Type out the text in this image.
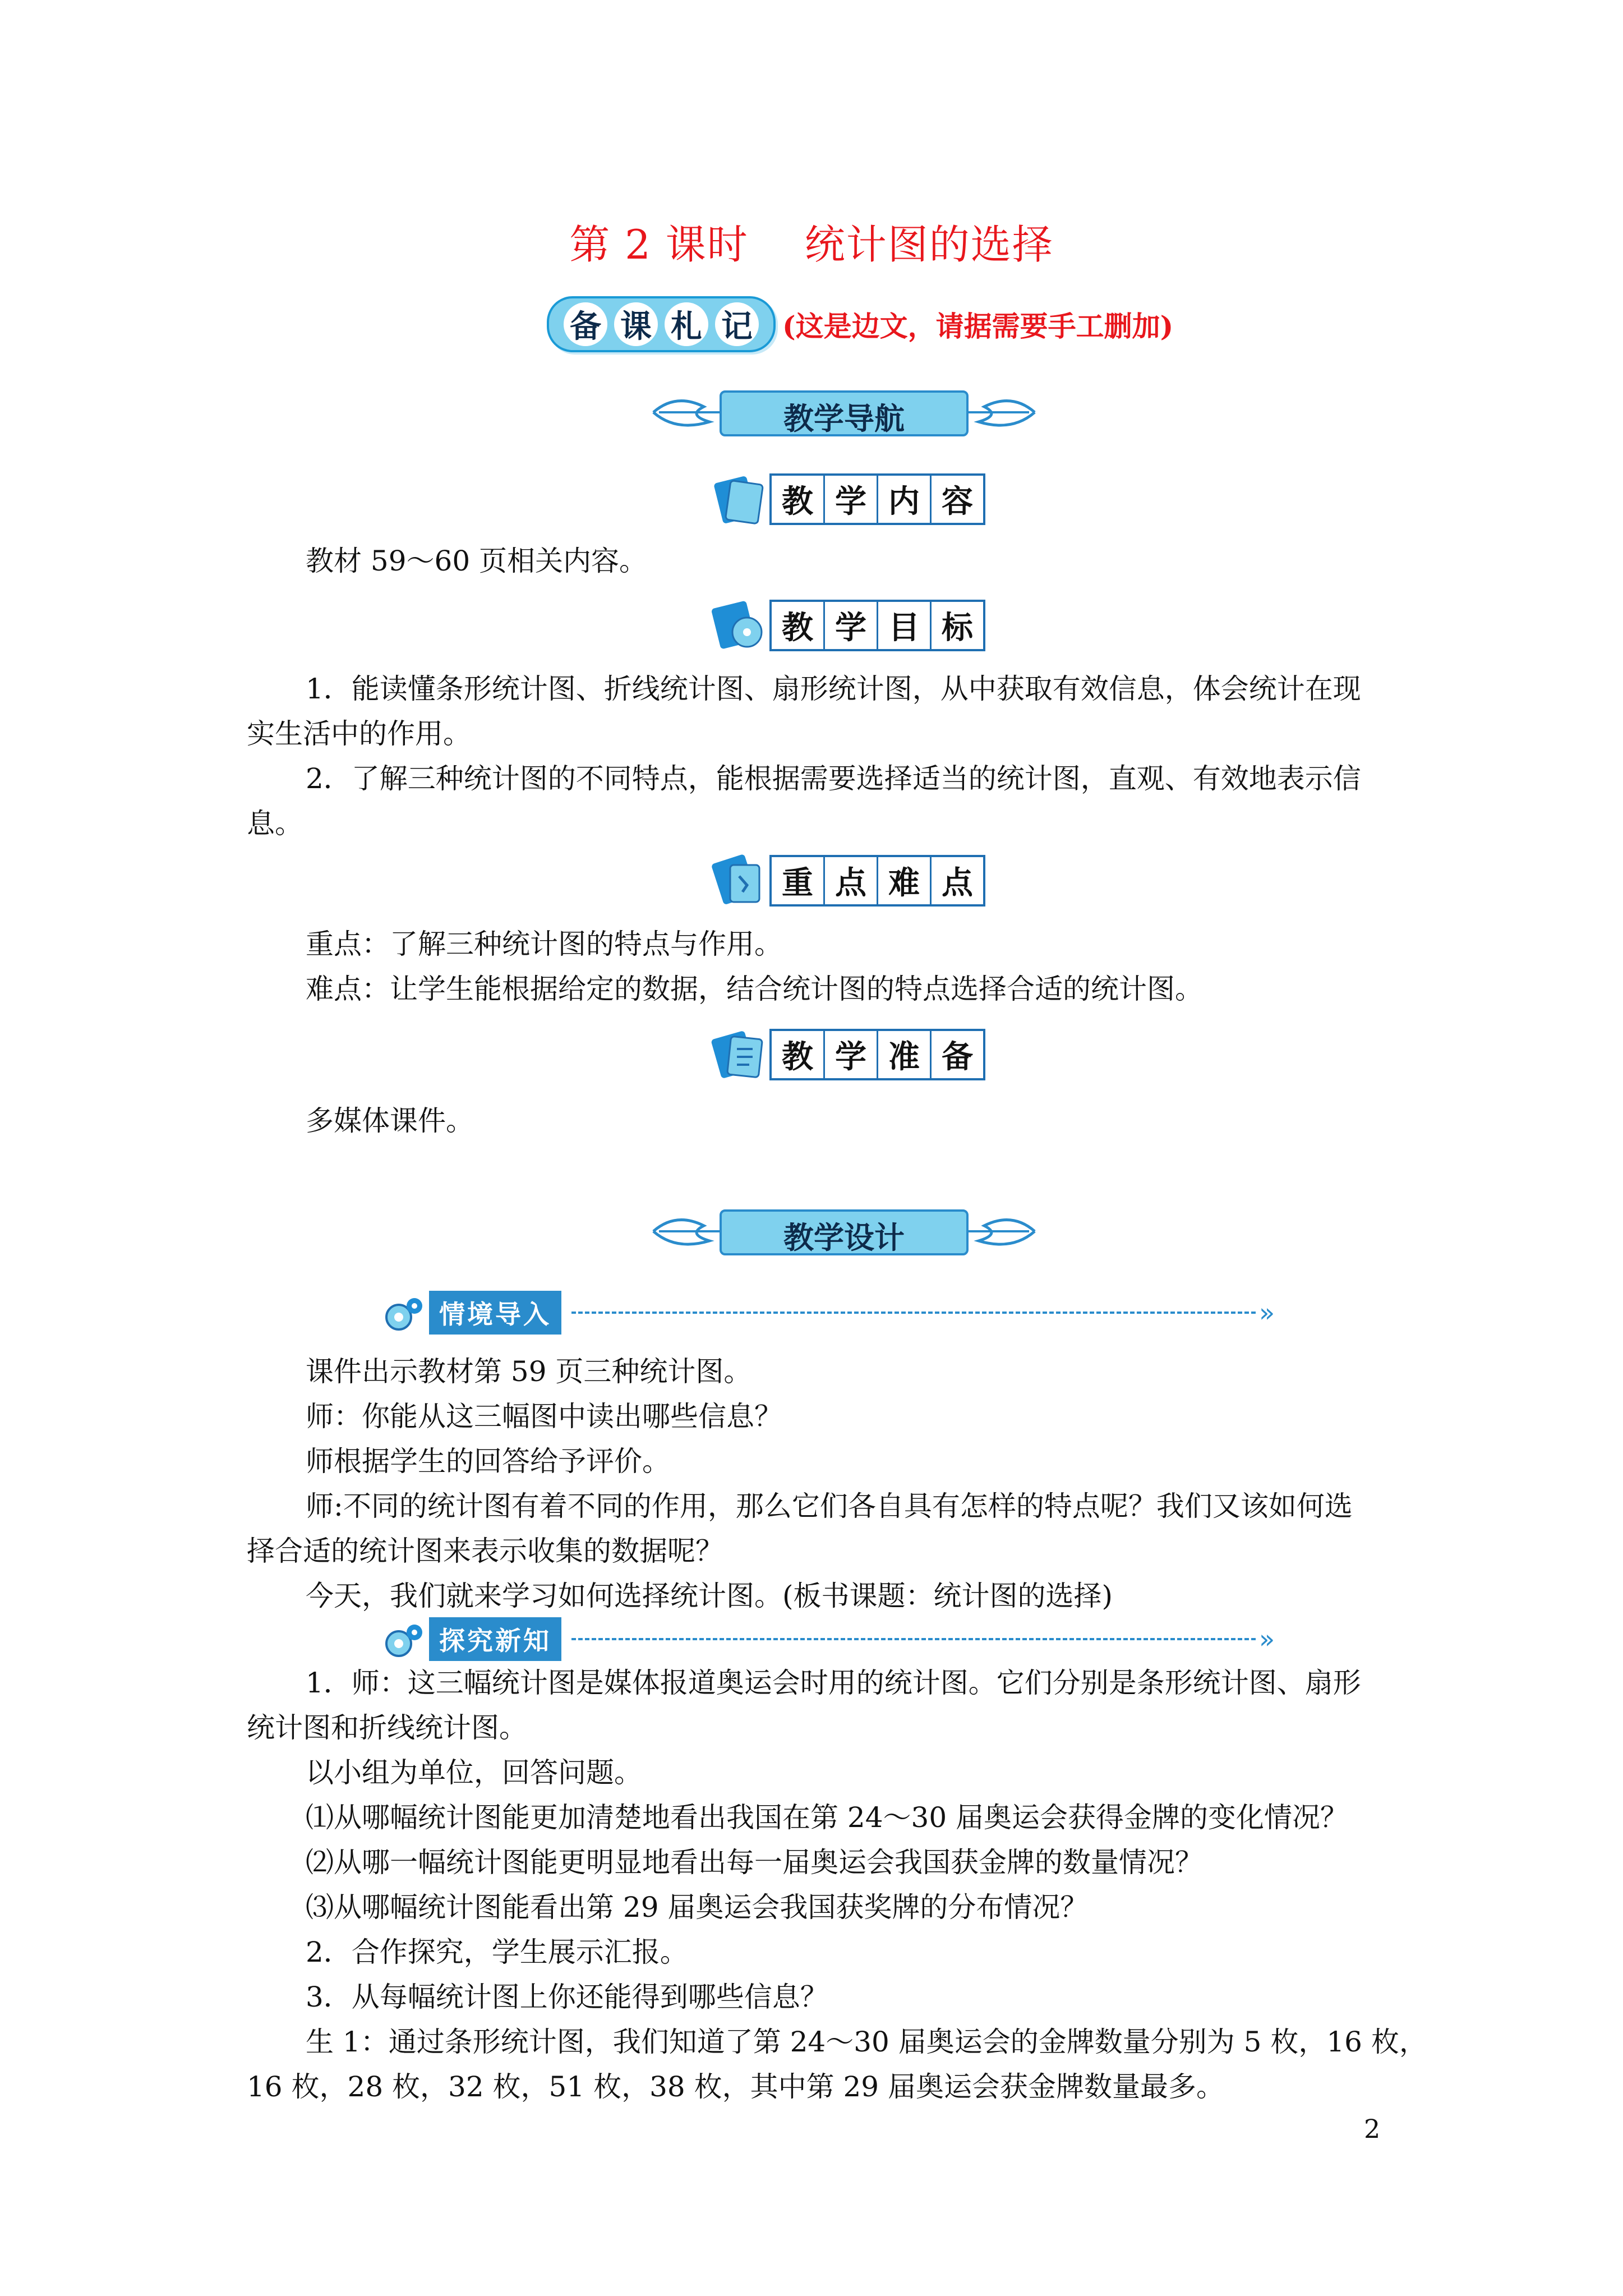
第 2 课时 统计图的选择
备 课 札 记 (这是边文，请据需要手工删加)
教学导航
教 学 内 容
教材 59～60 页相关内容。
教 学 目 标
1．能读懂条形统计图、折线统计图、扇形统计图，从中获取有效信息，体会统计在现
实生活中的作用。
2．了解三种统计图的不同特点，能根据需要选择适当的统计图，直观、有效地表示信
息。
重 点 难 点
重点：了解三种统计图的特点与作用。
难点：让学生能根据给定的数据，结合统计图的特点选择合适的统计图。
教 学 准 备
多媒体课件。
教学设计
情境导入	»
课件出示教材第 59 页三种统计图。
师：你能从这三幅图中读出哪些信息？
师根据学生的回答给予评价。
师:不同的统计图有着不同的作用，那么它们各自具有怎样的特点呢？我们又该如何选
择合适的统计图来表示收集的数据呢？
今天，我们就来学习如何选择统计图。(板书课题：统计图的选择)
探究新知	»
1．师：这三幅统计图是媒体报道奥运会时用的统计图。它们分别是条形统计图、扇形
统计图和折线统计图。
以小组为单位，回答问题。
⑴从哪幅统计图能更加清楚地看出我国在第 24～30 届奥运会获得金牌的变化情况？
⑵从哪一幅统计图能更明显地看出每一届奥运会我国获金牌的数量情况？
⑶从哪幅统计图能看出第 29 届奥运会我国获奖牌的分布情况？
2．合作探究，学生展示汇报。
3．从每幅统计图上你还能得到哪些信息？
生 1：通过条形统计图，我们知道了第 24～30 届奥运会的金牌数量分别为 5 枚，16 枚，
16 枚，28 枚，32 枚，51 枚，38 枚，其中第 29 届奥运会获金牌数量最多。
2
